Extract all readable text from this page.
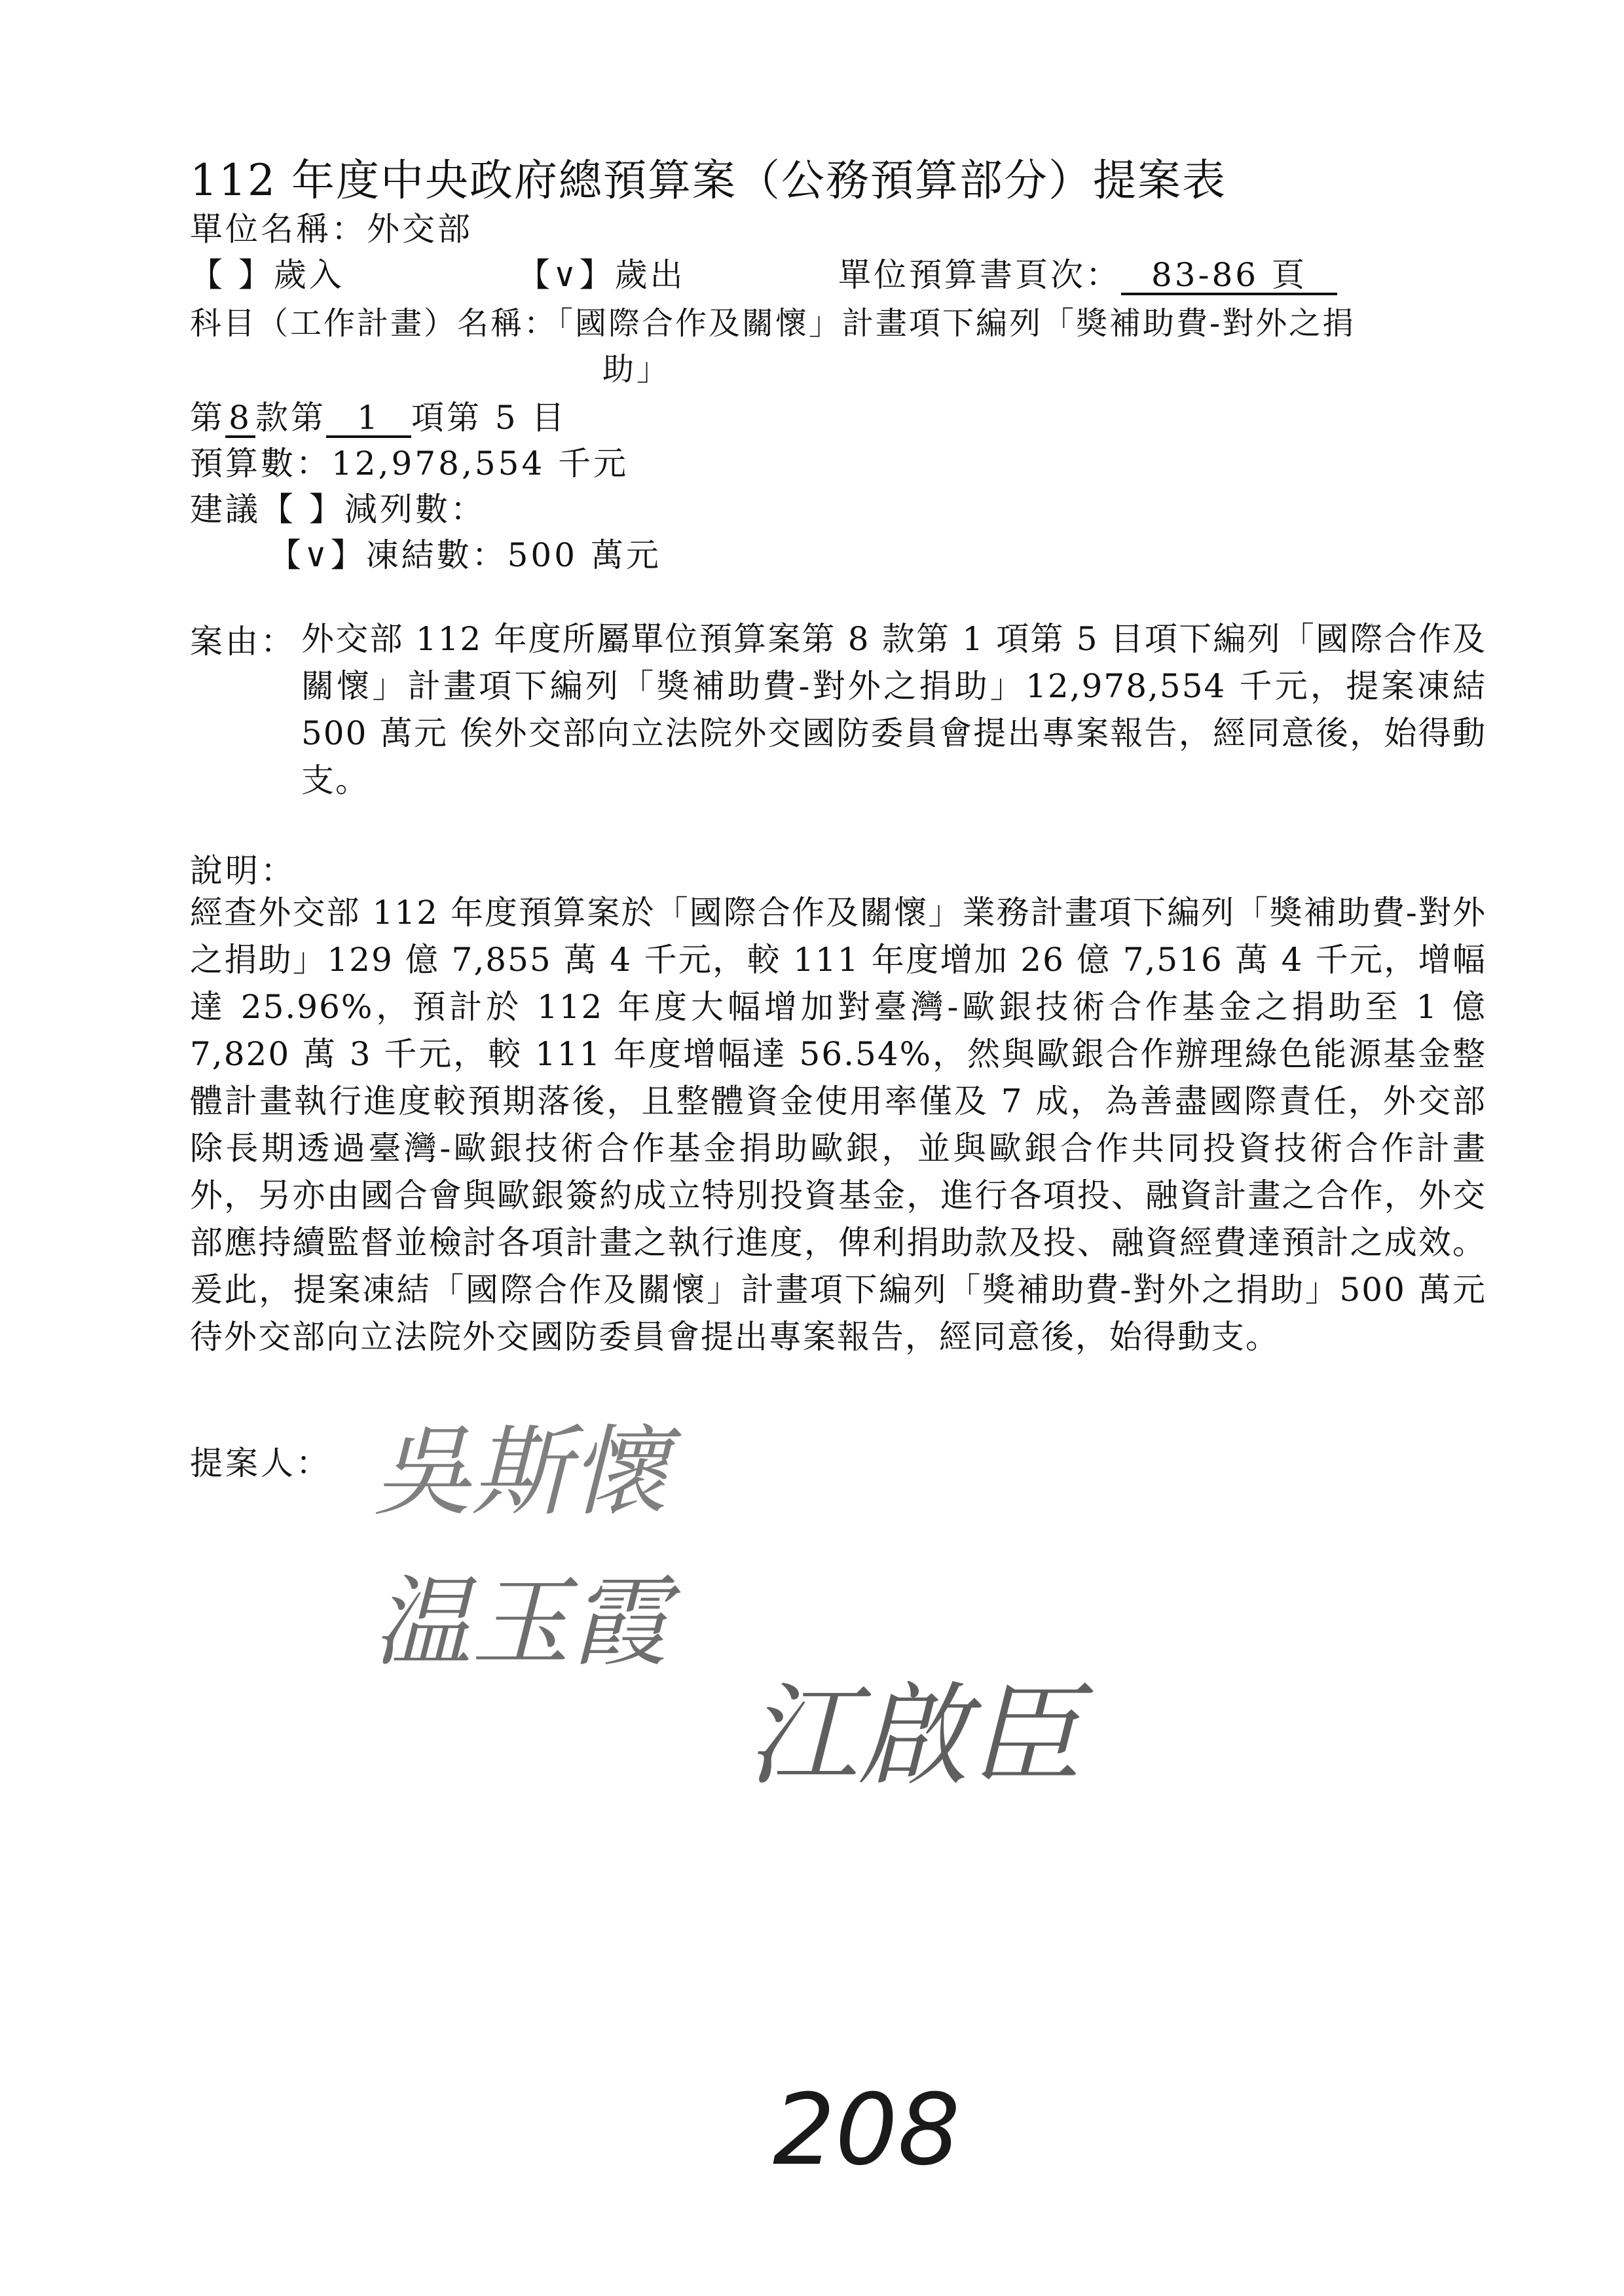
112 年度中央政府總預算案（公務預算部分）提案表
單位名稱：外交部
【 】歲入	【∨】歲出	單位預算書頁次： 83-86 頁
科目（工作計畫）名稱：「國際合作及關懷」計畫項下編列「獎補助費-對外之捐
助」
第 8 款第 1 項第 5 目
預算數：12,978,554 千元
建議【 】減列數：
【∨】凍結數：500 萬元
案由： 外交部 112 年度所屬單位預算案第 8 款第 1 項第 5 目項下編列「國際合作及關懷」計畫項下編列「獎補助費-對外之捐助」12,978,554 千元，提案凍結 500 萬元 俟外交部向立法院外交國防委員會提出專案報告，經同意後，始得動支。
說明：
經查外交部 112 年度預算案於「國際合作及關懷」業務計畫項下編列「獎補助費-對外之捐助」129 億 7,855 萬 4 千元，較 111 年度增加 26 億 7,516 萬 4 千元，增幅達 25.96%，預計於 112 年度大幅增加對臺灣-歐銀技術合作基金之捐助至 1 億 7,820 萬 3 千元，較 111 年度增幅達 56.54%，然與歐銀合作辦理綠色能源基金整體計畫執行進度較預期落後，且整體資金使用率僅及 7 成，為善盡國際責任，外交部除長期透過臺灣-歐銀技術合作基金捐助歐銀，並與歐銀合作共同投資技術合作計畫外，另亦由國合會與歐銀簽約成立特別投資基金，進行各項投、融資計畫之合作，外交部應持續監督並檢討各項計畫之執行進度，俾利捐助款及投、融資經費達預計之成效。爰此，提案凍結「國際合作及關懷」計畫項下編列「獎補助費-對外之捐助」500 萬元 待外交部向立法院外交國防委員會提出專案報告，經同意後，始得動支。
提案人： 吳斯懷
温玉霞
江啟臣
208
